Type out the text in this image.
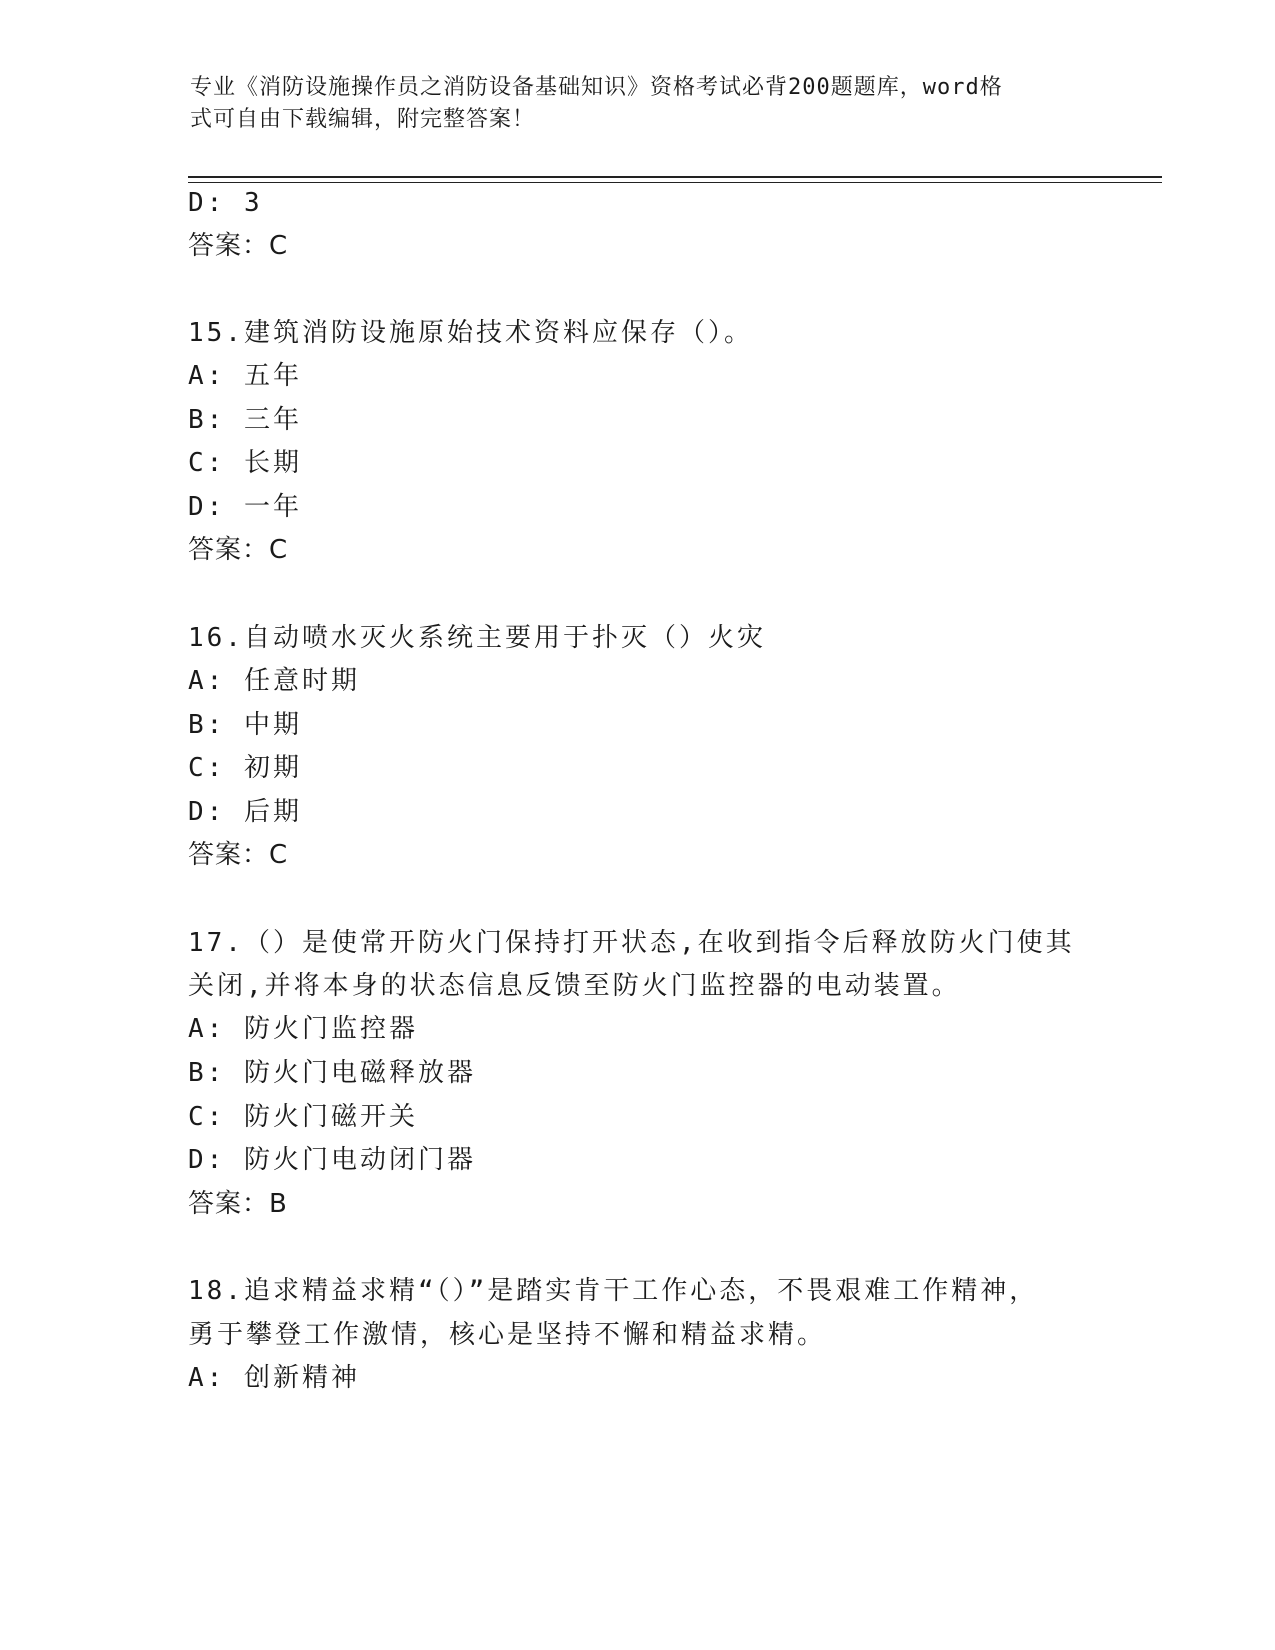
专业《消防设施操作员之消防设备基础知识》资格考试必背200题题库，word格
式可自由下载编辑，附完整答案！
D: 3
答案：C
15.建筑消防设施原始技术资料应保存（）。
A: 五年
B: 三年
C: 长期
D: 一年
答案：C
16.自动喷水灭火系统主要用于扑灭（）火灾
A: 任意时期
B: 中期
C: 初期
D: 后期
答案：C
17.（）是使常开防火门保持打开状态,在收到指令后释放防火门使其
关闭,并将本身的状态信息反馈至防火门监控器的电动装置。
A: 防火门监控器
B: 防火门电磁释放器
C: 防火门磁开关
D: 防火门电动闭门器
答案：B
18.追求精益求精“（）”是踏实肯干工作心态，不畏艰难工作精神，
勇于攀登工作激情，核心是坚持不懈和精益求精。
A: 创新精神
